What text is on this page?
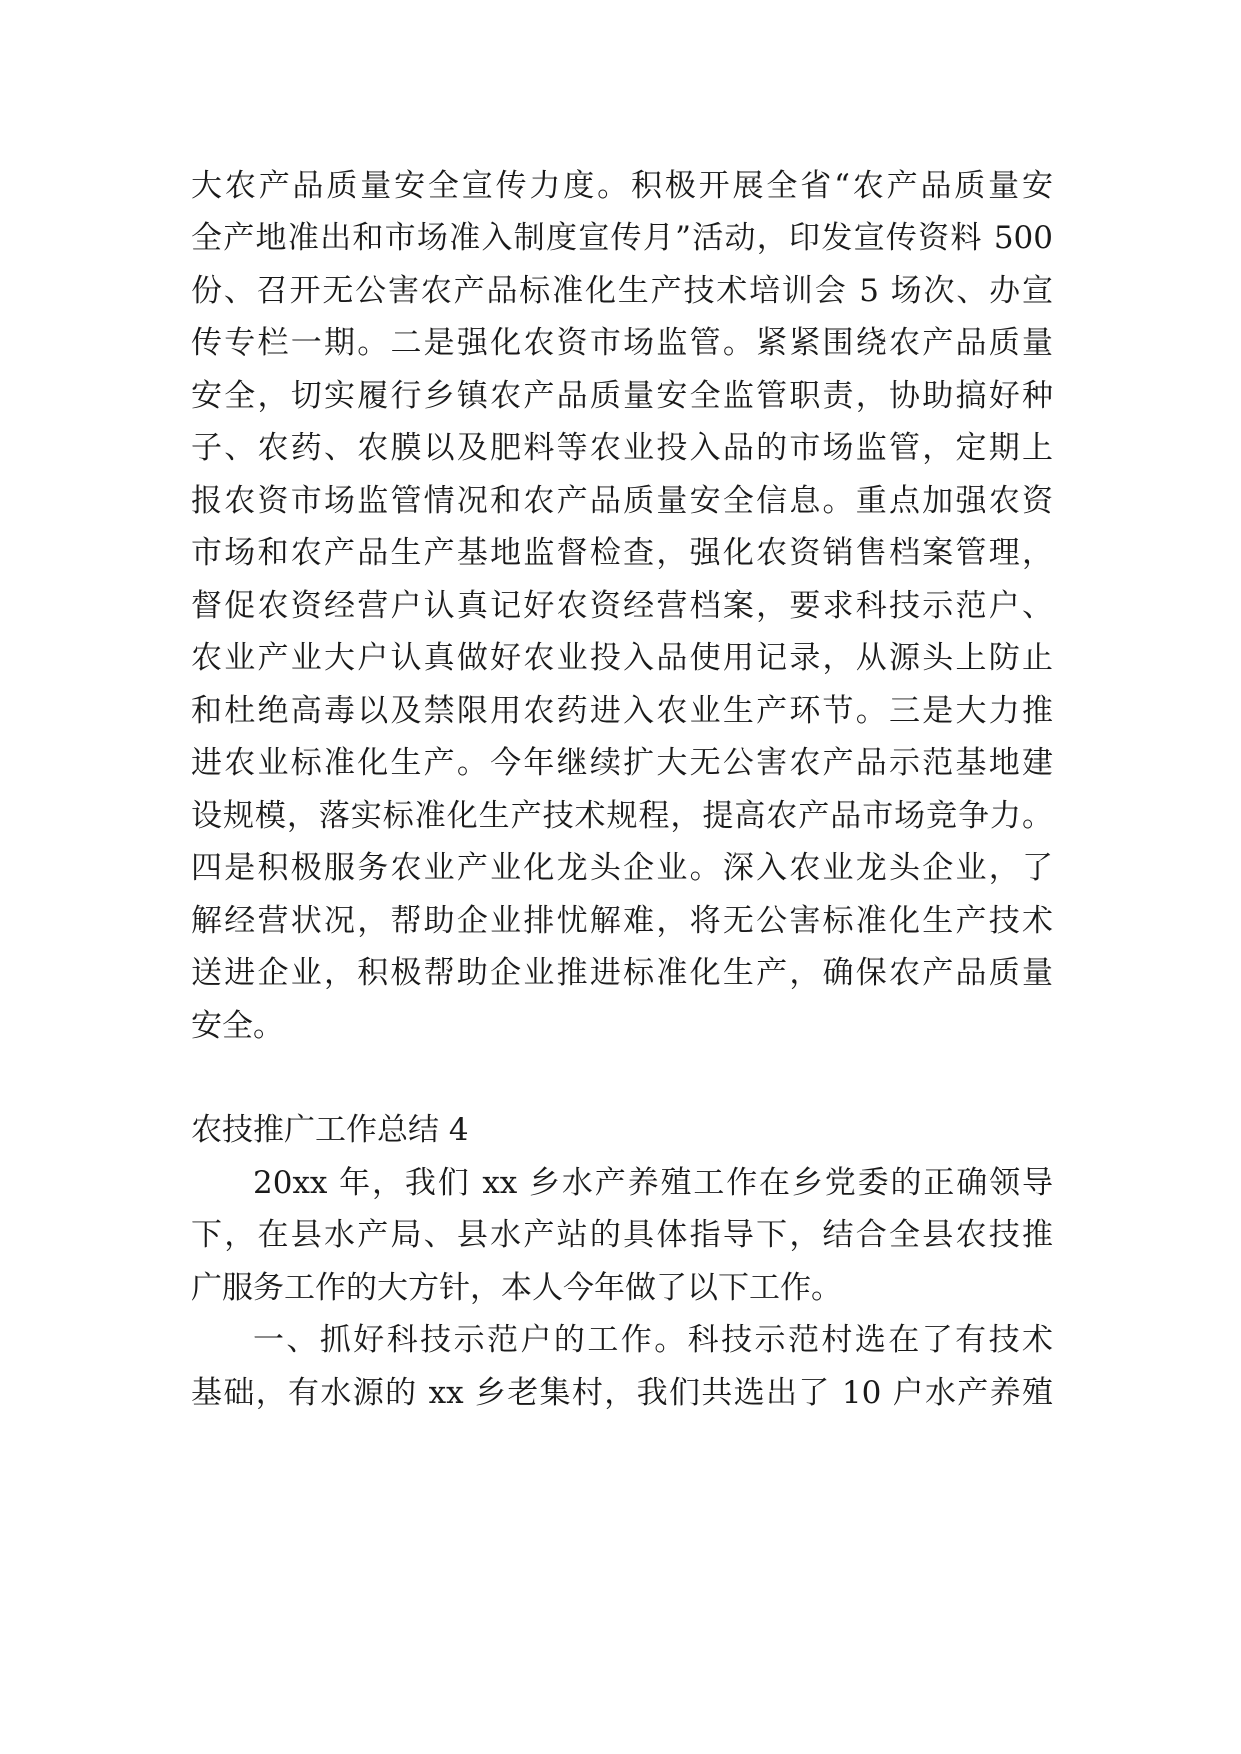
大农产品质量安全宣传力度。积极开展全省“农产品质量安
全产地准出和市场准入制度宣传月”活动，印发宣传资料 500
份、召开无公害农产品标准化生产技术培训会 5 场次、办宣
传专栏一期。二是强化农资市场监管。紧紧围绕农产品质量
安全，切实履行乡镇农产品质量安全监管职责，协助搞好种
子、农药、农膜以及肥料等农业投入品的市场监管，定期上
报农资市场监管情况和农产品质量安全信息。重点加强农资
市场和农产品生产基地监督检查，强化农资销售档案管理，
督促农资经营户认真记好农资经营档案，要求科技示范户、
农业产业大户认真做好农业投入品使用记录，从源头上防止
和杜绝高毒以及禁限用农药进入农业生产环节。三是大力推
进农业标准化生产。今年继续扩大无公害农产品示范基地建
设规模，落实标准化生产技术规程，提高农产品市场竞争力。
四是积极服务农业产业化龙头企业。深入农业龙头企业，了
解经营状况，帮助企业排忧解难，将无公害标准化生产技术
送进企业，积极帮助企业推进标准化生产，确保农产品质量
安全。
农技推广工作总结 4
20xx 年，我们 xx 乡水产养殖工作在乡党委的正确领导
下，在县水产局、县水产站的具体指导下，结合全县农技推
广服务工作的大方针，本人今年做了以下工作。
一、抓好科技示范户的工作。科技示范村选在了有技术
基础，有水源的 xx 乡老集村，我们共选出了 10 户水产养殖
